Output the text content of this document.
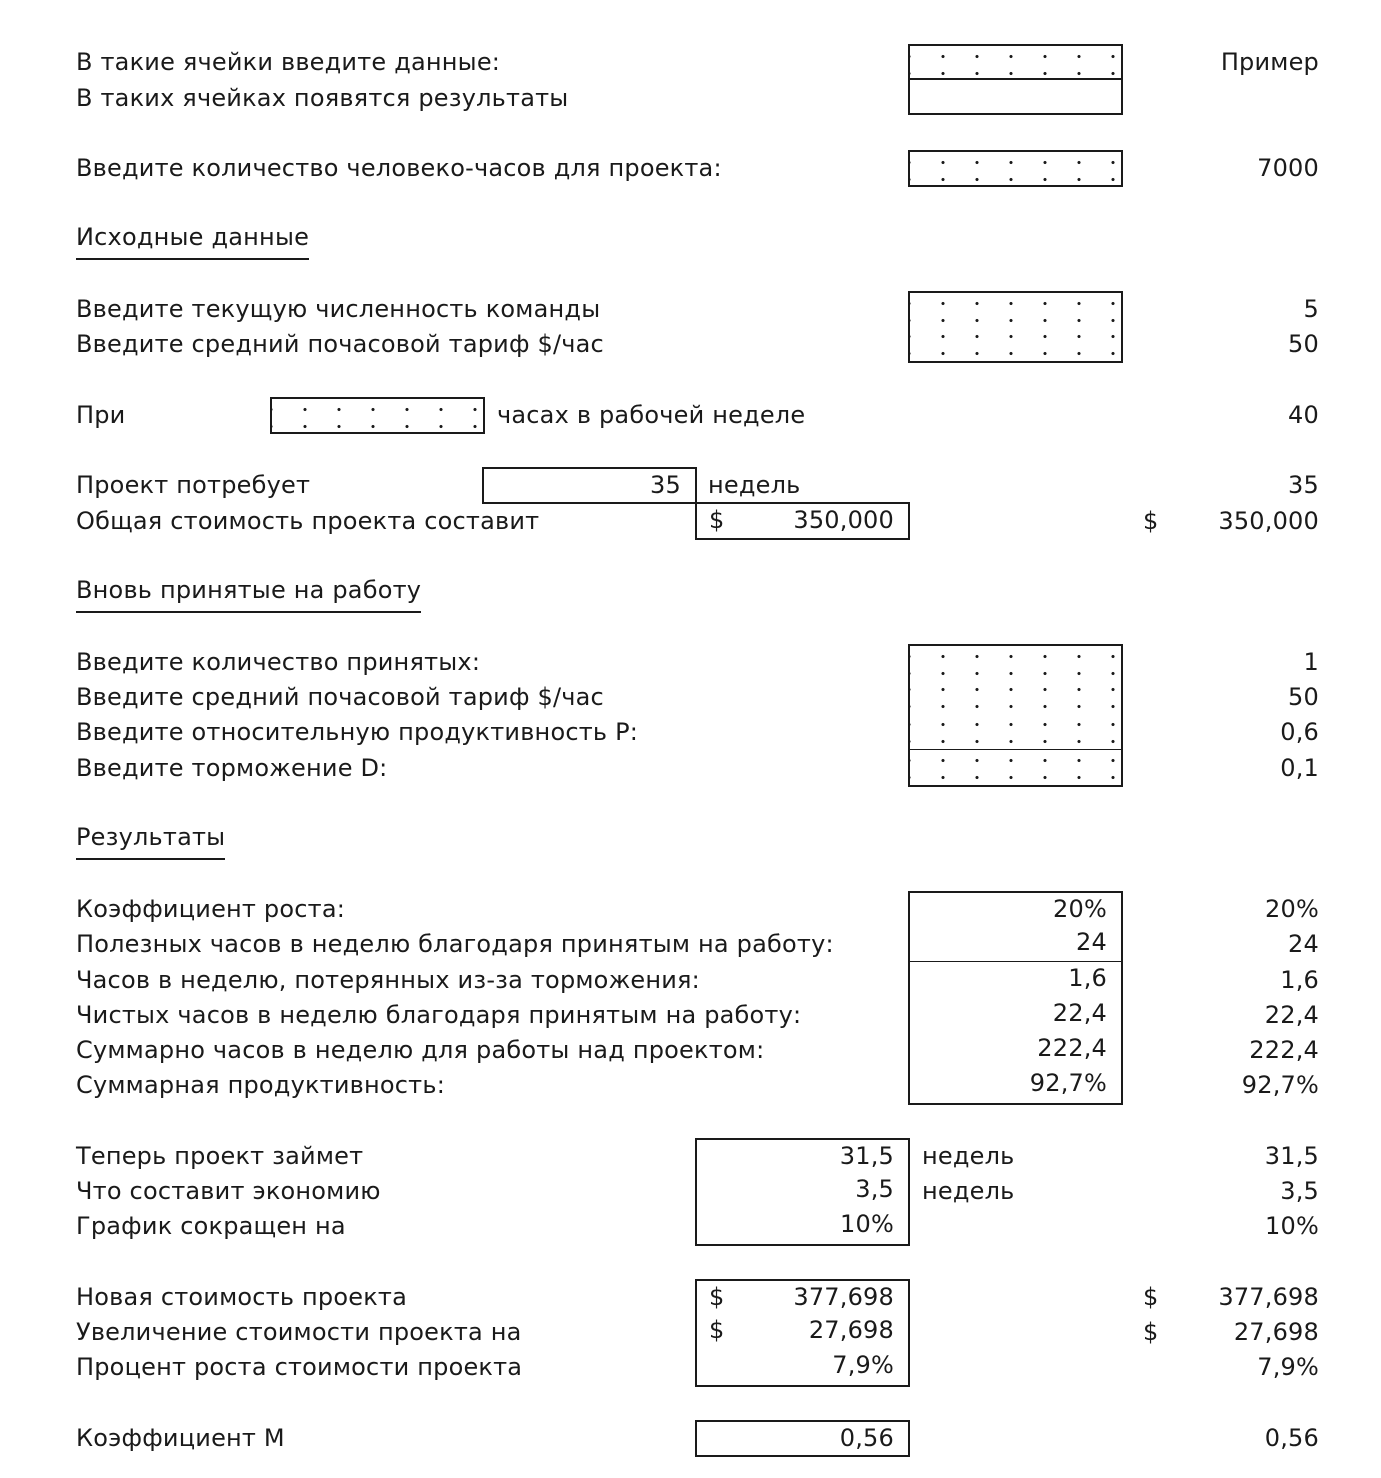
В такие ячейки введите данные:
В таких ячейках появятся результаты
Пример
Введите количество человеко-часов для проекта:	7000
Исходные данные
Введите текущую численность команды	5
Введите средний почасовой тариф $/час	50
При	часах в рабочей неделе	40
Проект потребует	35	недель	35
Общая стоимость проекта составит	$	350,000	$ 350,000
Вновь принятые на работу
Введите количество принятых:	1
Введите средний почасовой тариф $/час	50
Введите относительную продуктивность P:	0,6
Введите торможение D:	0,1
Результаты
Коэффициент роста:	20%	20%
Полезных часов в неделю благодаря принятым на работу:	24	24
Часов в неделю, потерянных из-за торможения:	1,6	1,6
Чистых часов в неделю благодаря принятым на работу:	22,4	22,4
Суммарно часов в неделю для работы над проектом:	222,4	222,4
Суммарная продуктивность:	92,7%	92,7%
Теперь проект займет	31,5	недель	31,5
Что составит экономию	3,5	недель	3,5
График сокращен на	10%	10%
Новая стоимость проекта	$	377,698	$ 377,698
Увеличение стоимости проекта на	$	27,698	$	27,698
Процент роста стоимости проекта	7,9%	7,9%
Коэффициент M	0,56	0,56
